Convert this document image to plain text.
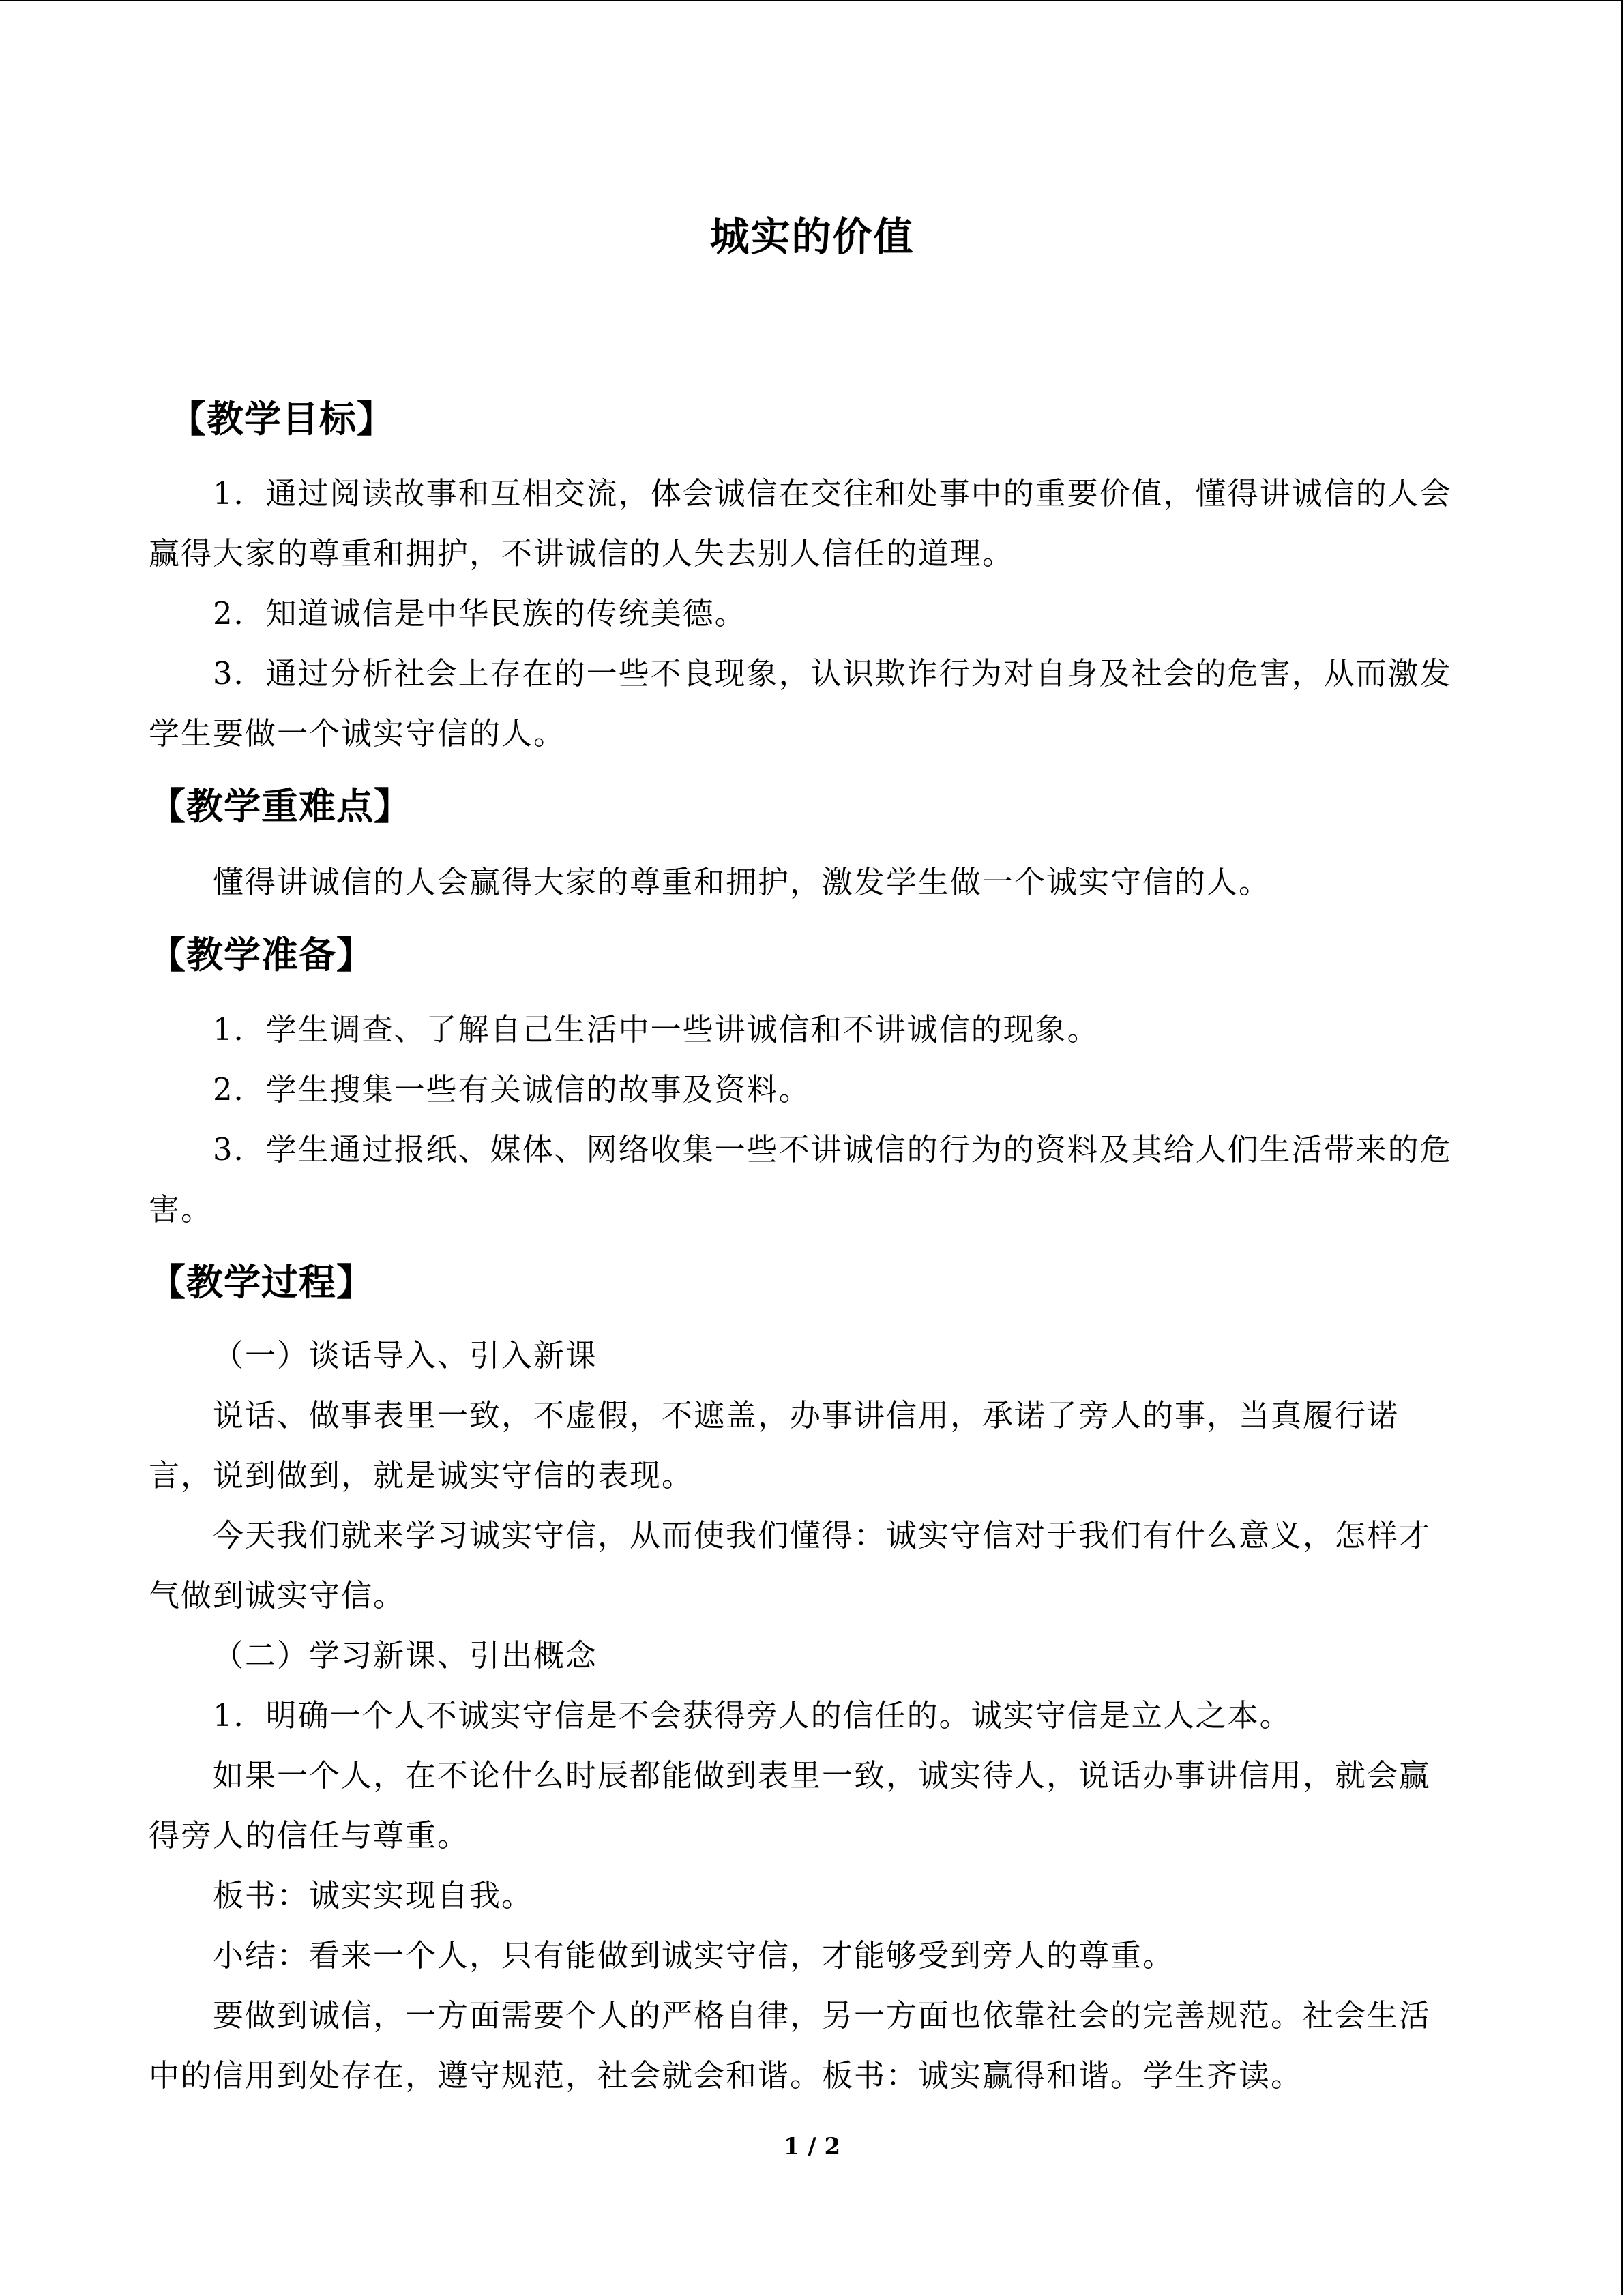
城实的价值
【教学目标】
1．通过阅读故事和互相交流，体会诚信在交往和处事中的重要价值，懂得讲诚信的人会
赢得大家的尊重和拥护，不讲诚信的人失去别人信任的道理。
2．知道诚信是中华民族的传统美德。
3．通过分析社会上存在的一些不良现象，认识欺诈行为对自身及社会的危害，从而激发
学生要做一个诚实守信的人。
【教学重难点】
懂得讲诚信的人会赢得大家的尊重和拥护，激发学生做一个诚实守信的人。
【教学准备】
1．学生调查、了解自己生活中一些讲诚信和不讲诚信的现象。
2．学生搜集一些有关诚信的故事及资料。
3．学生通过报纸、媒体、网络收集一些不讲诚信的行为的资料及其给人们生活带来的危
害。
【教学过程】
（一）谈话导入、引入新课
说话、做事表里一致，不虚假，不遮盖，办事讲信用，承诺了旁人的事，当真履行诺
言，说到做到，就是诚实守信的表现。
今天我们就来学习诚实守信，从而使我们懂得：诚实守信对于我们有什么意义，怎样才
气做到诚实守信。
（二）学习新课、引出概念
1．明确一个人不诚实守信是不会获得旁人的信任的。诚实守信是立人之本。
如果一个人，在不论什么时辰都能做到表里一致，诚实待人，说话办事讲信用，就会赢
得旁人的信任与尊重。
板书：诚实实现自我。
小结：看来一个人，只有能做到诚实守信，才能够受到旁人的尊重。
要做到诚信，一方面需要个人的严格自律，另一方面也依靠社会的完善规范。社会生活
中的信用到处存在，遵守规范，社会就会和谐。板书：诚实赢得和谐。学生齐读。
1 / 2
